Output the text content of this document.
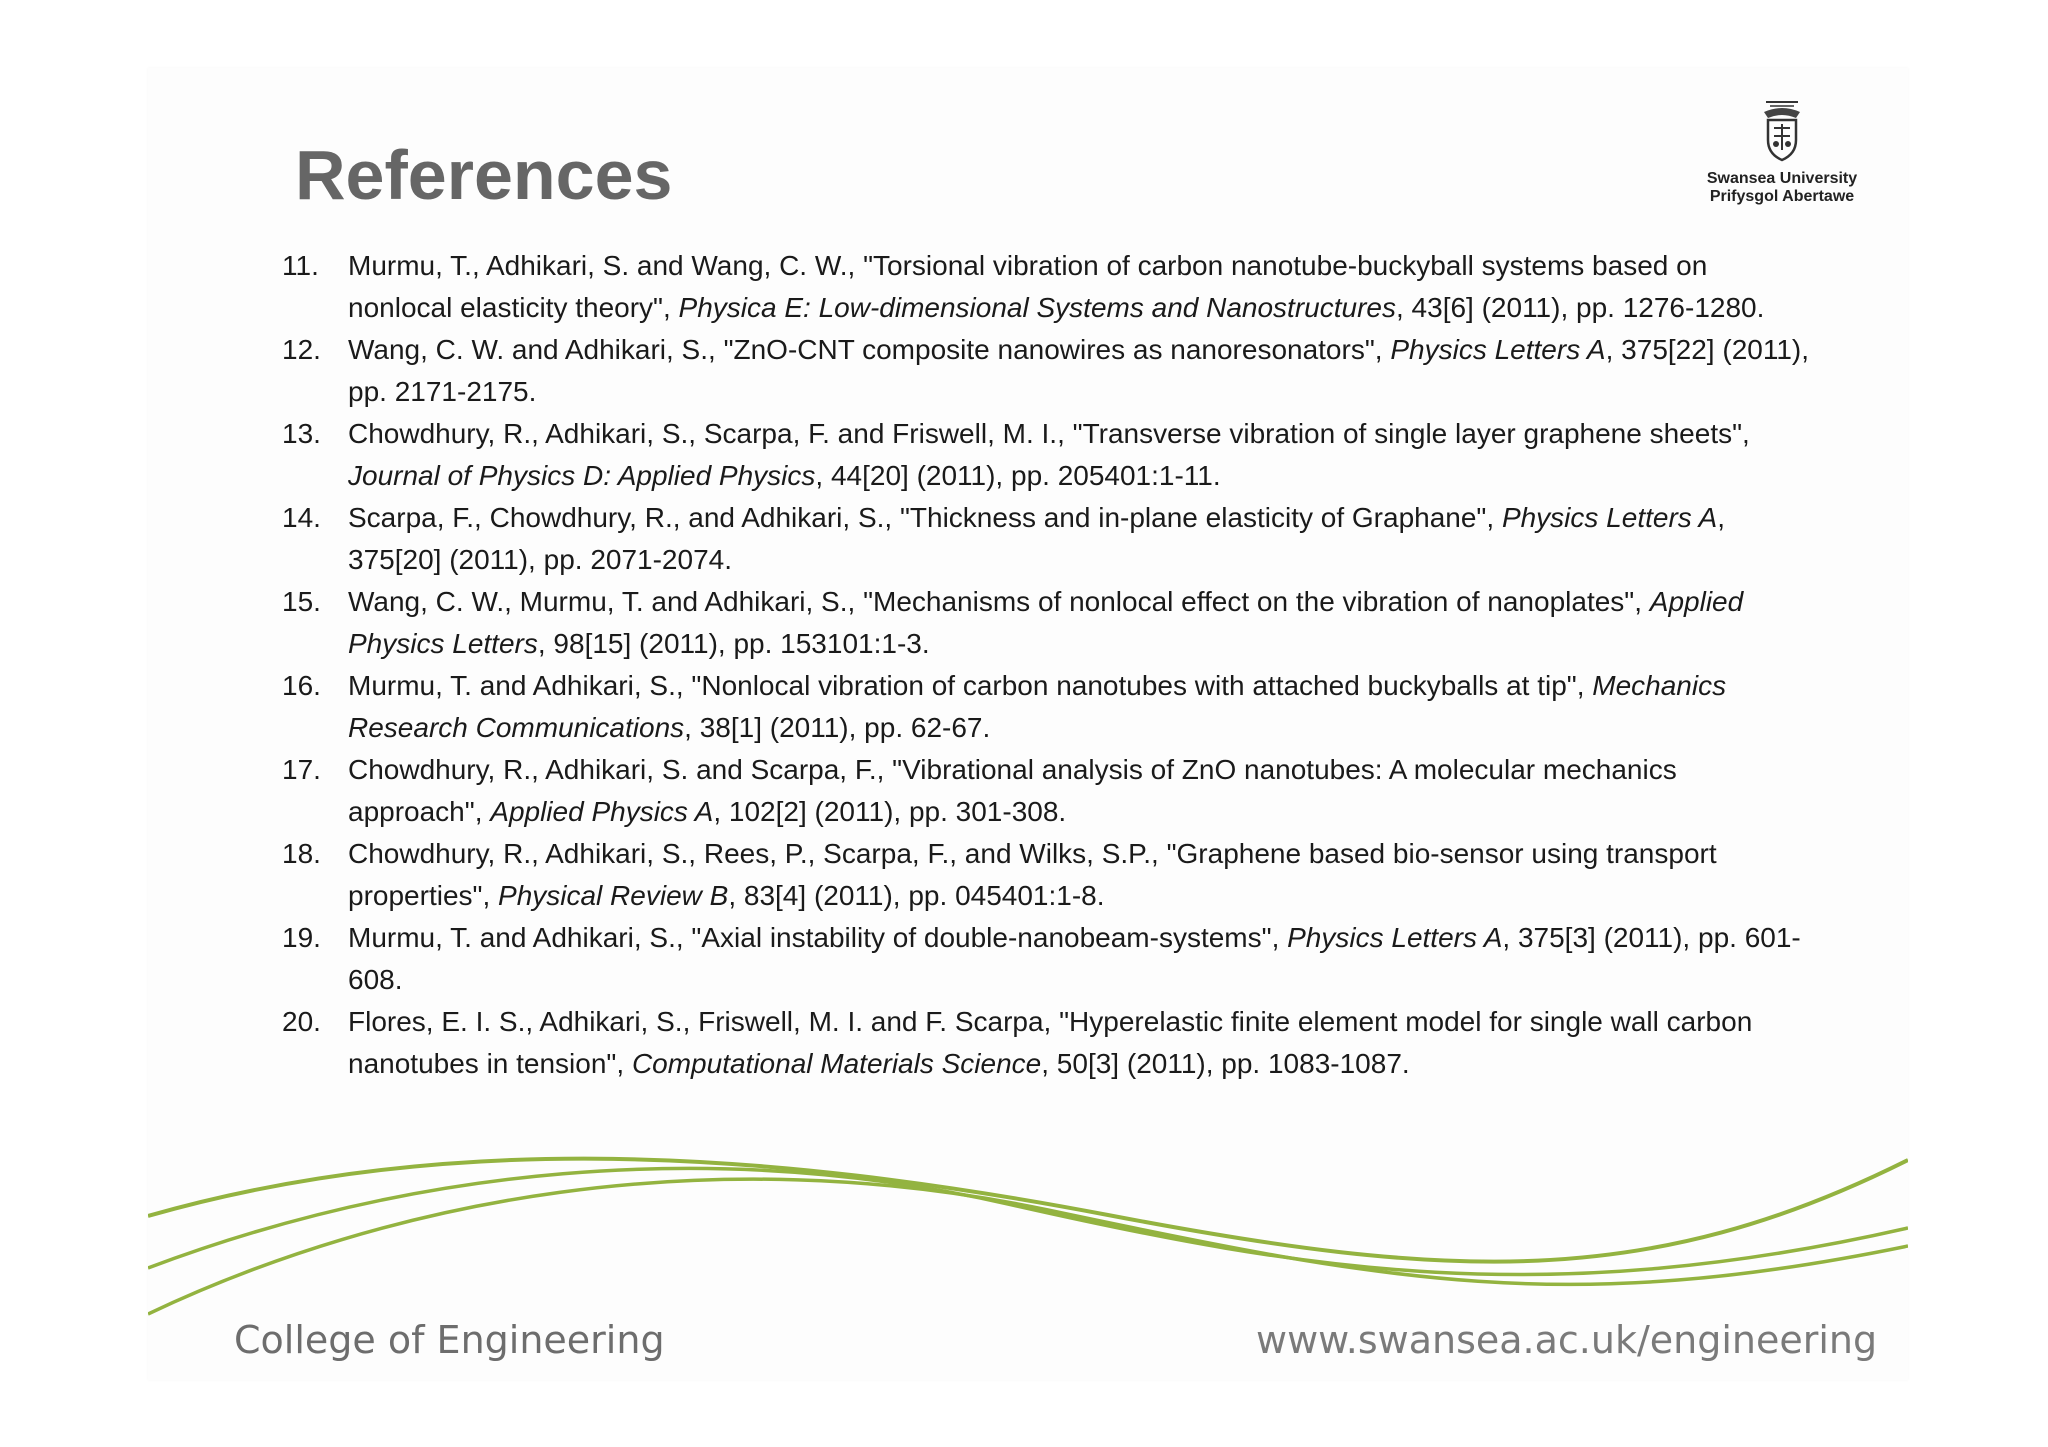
References	Swansea University
Prifysgol Abertawe
11. Murmu, T., Adhikari, S. and Wang, C. W., "Torsional vibration of carbon nanotube-buckyball systems based on nonlocal elasticity theory", Physica E: Low-dimensional Systems and Nanostructures, 43[6] (2011), pp. 1276-1280.
12. Wang, C. W. and Adhikari, S., "ZnO-CNT composite nanowires as nanoresonators", Physics Letters A, 375[22] (2011), pp. 2171-2175.
13. Chowdhury, R., Adhikari, S., Scarpa, F. and Friswell, M. I., "Transverse vibration of single layer graphene sheets", Journal of Physics D: Applied Physics, 44[20] (2011), pp. 205401:1-11.
14. Scarpa, F., Chowdhury, R., and Adhikari, S., "Thickness and in-plane elasticity of Graphane", Physics Letters A, 375[20] (2011), pp. 2071-2074.
15. Wang, C. W., Murmu, T. and Adhikari, S., "Mechanisms of nonlocal effect on the vibration of nanoplates", Applied Physics Letters, 98[15] (2011), pp. 153101:1-3.
16. Murmu, T. and Adhikari, S., "Nonlocal vibration of carbon nanotubes with attached buckyballs at tip", Mechanics Research Communications, 38[1] (2011), pp. 62-67.
17. Chowdhury, R., Adhikari, S. and Scarpa, F., "Vibrational analysis of ZnO nanotubes: A molecular mechanics approach", Applied Physics A, 102[2] (2011), pp. 301-308.
18. Chowdhury, R., Adhikari, S., Rees, P., Scarpa, F., and Wilks, S.P., "Graphene based bio-sensor using transport properties", Physical Review B, 83[4] (2011), pp. 045401:1-8.
19. Murmu, T. and Adhikari, S., "Axial instability of double-nanobeam-systems", Physics Letters A, 375[3] (2011), pp. 601-608.
20. Flores, E. I. S., Adhikari, S., Friswell, M. I. and F. Scarpa, "Hyperelastic finite element model for single wall carbon nanotubes in tension", Computational Materials Science, 50[3] (2011), pp. 1083-1087.
College of Engineering	www.swansea.ac.uk/engineering
